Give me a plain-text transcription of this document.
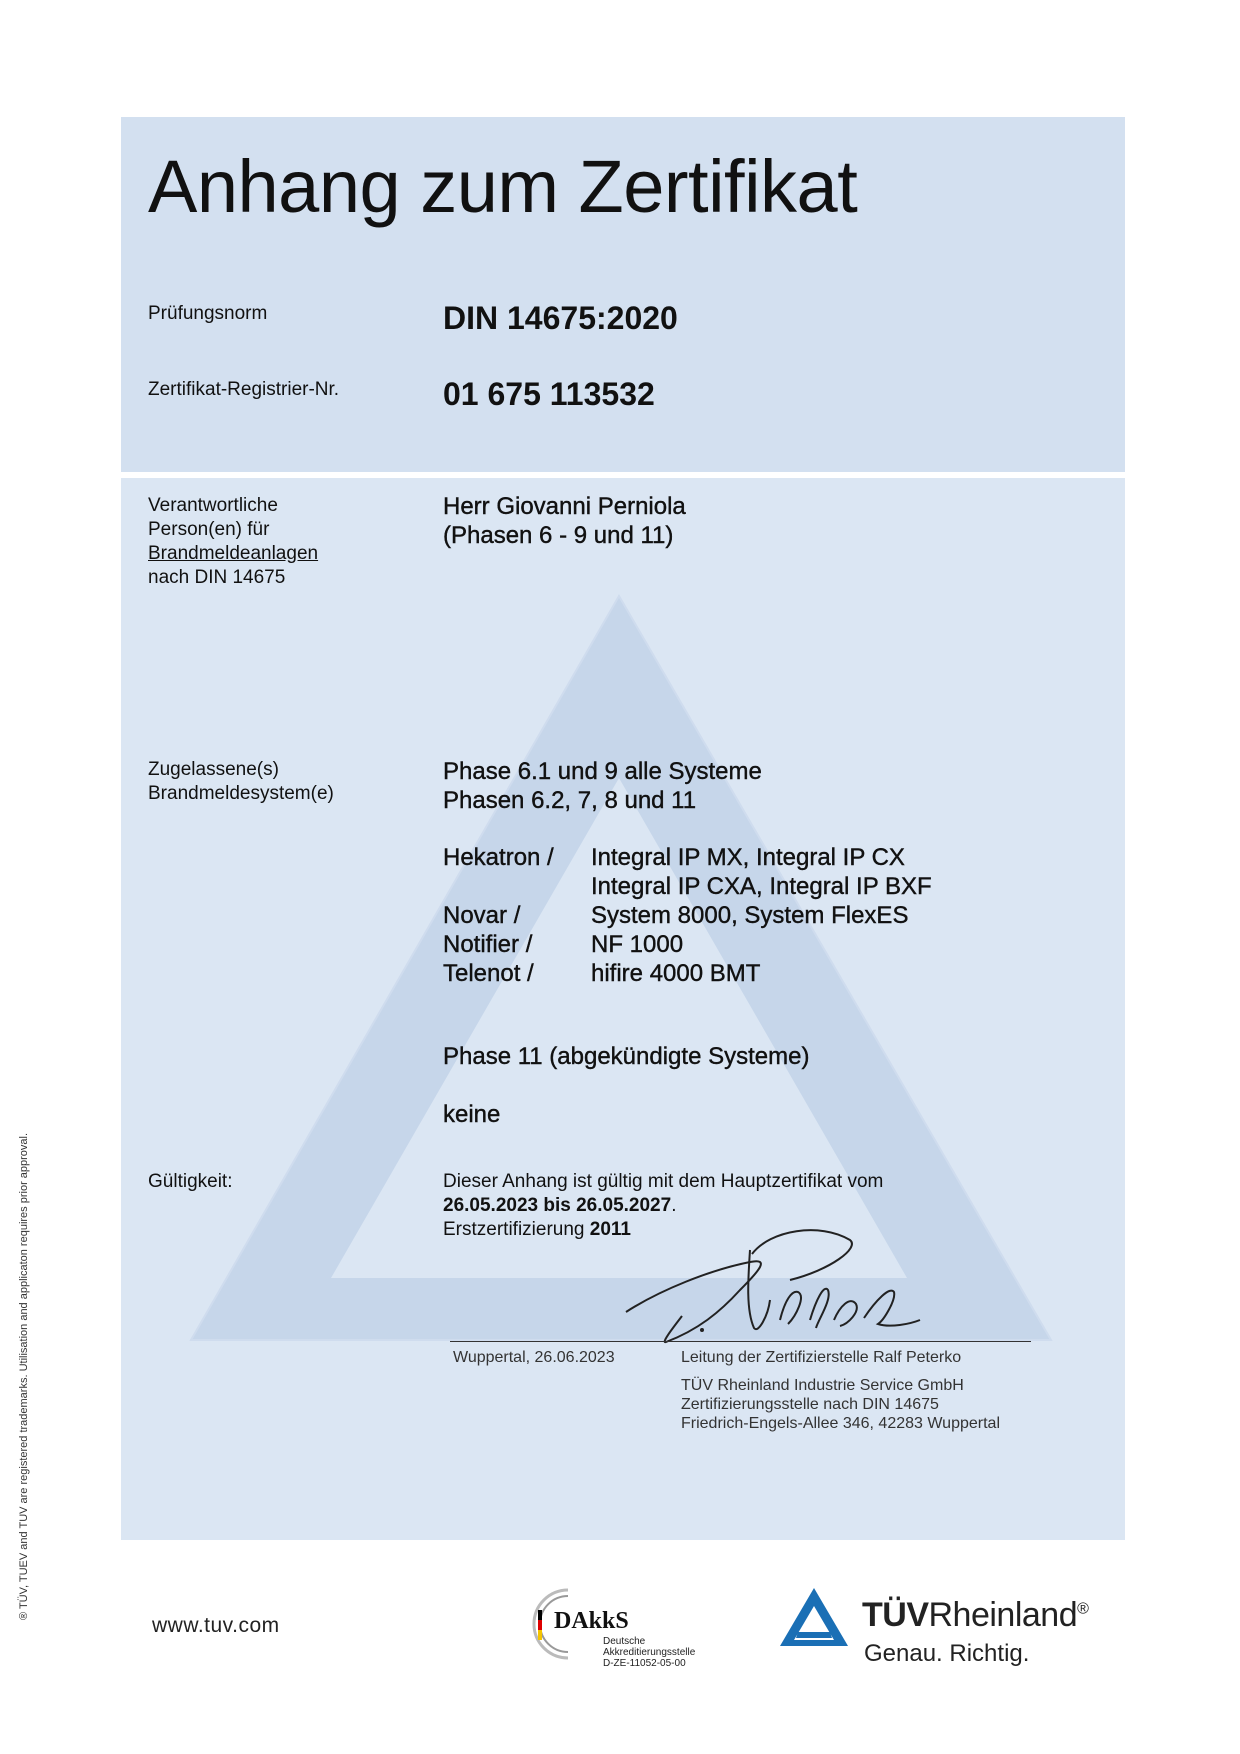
Anhang zum Zertifikat
Prüfungsnorm	DIN 14675:2020
Zertifikat-Registrier-Nr.	01 675 113532
Verantwortliche
Person(en) für
Brandmeldeanlagen
nach DIN 14675
Herr Giovanni Perniola
(Phasen 6 - 9 und 11)
Zugelassene(s)
Brandmeldesystem(e)
Phase 6.1 und 9 alle Systeme
Phasen 6.2, 7, 8 und 11
Hekatron / Integral IP MX, Integral IP CX
Integral IP CXA, Integral IP BXF
Novar /	System 8000, System FlexES
Notifier / NF 1000
Telenot / hifire 4000 BMT
Phase 11 (abgekündigte Systeme)
keine
Gültigkeit:	Dieser Anhang ist gültig mit dem Hauptzertifikat vom
26.05.2023 bis 26.05.2027.
Erstzertifizierung 2011
Wuppertal, 26.06.2023	Leitung der Zertifizierstelle Ralf Peterko
TÜV Rheinland Industrie Service GmbH
Zertifizierungsstelle nach DIN 14675
Friedrich-Engels-Allee 346, 42283 Wuppertal
® TÜV, TUEV and TUV are registered trademarks. Utilisation and applicaton requires prior approval.
www.tuv.com	DAkkS
Deutsche
Akkreditierungsstelle
D-ZE-11052-05-00
TÜVRheinland®
Genau. Richtig.
